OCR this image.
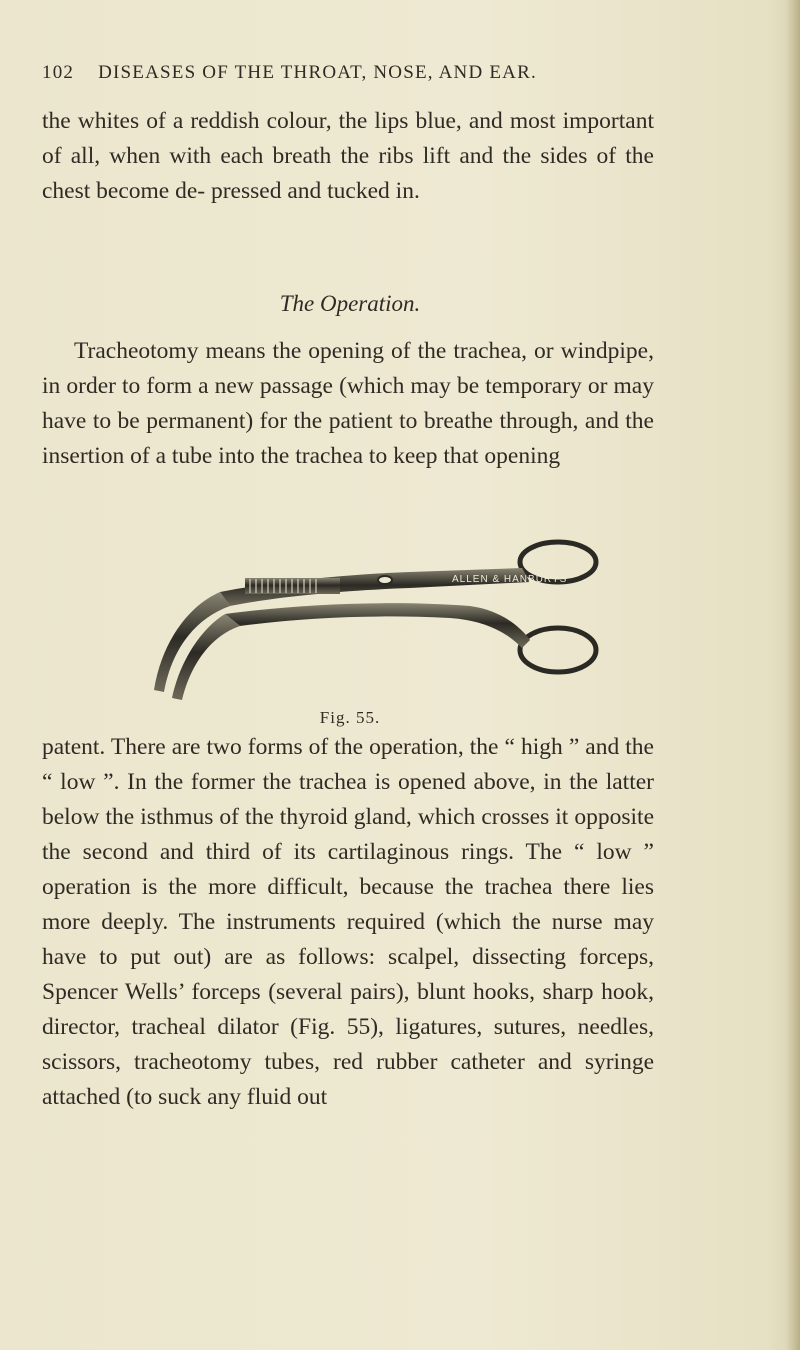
102 DISEASES OF THE THROAT, NOSE, AND EAR.

the whites of a reddish colour, the lips blue, and most important of all, when with each breath the ribs lift and the sides of the chest become de- pressed and tucked in.

The Operation.

Tracheotomy means the opening of the trachea, or windpipe, in order to form a new passage (which may be temporary or may have to be permanent) for the patient to breathe through, and the insertion of a tube into the trachea to keep that opening

ALLEN & HANBURYS
Fig. 55.

patent. There are two forms of the operation, the “ high ” and the “ low ”. In the former the trachea is opened above, in the latter below the isthmus of the thyroid gland, which crosses it opposite the second and third of its cartilaginous rings. The “ low ” operation is the more difficult, because the trachea there lies more deeply. The instruments required (which the nurse may have to put out) are as follows: scalpel, dissecting forceps, Spencer Wells’ forceps (several pairs), blunt hooks, sharp hook, director, tracheal dilator (Fig. 55), ligatures, sutures, needles, scissors, tracheotomy tubes, red rubber catheter and syringe attached (to suck any fluid out
